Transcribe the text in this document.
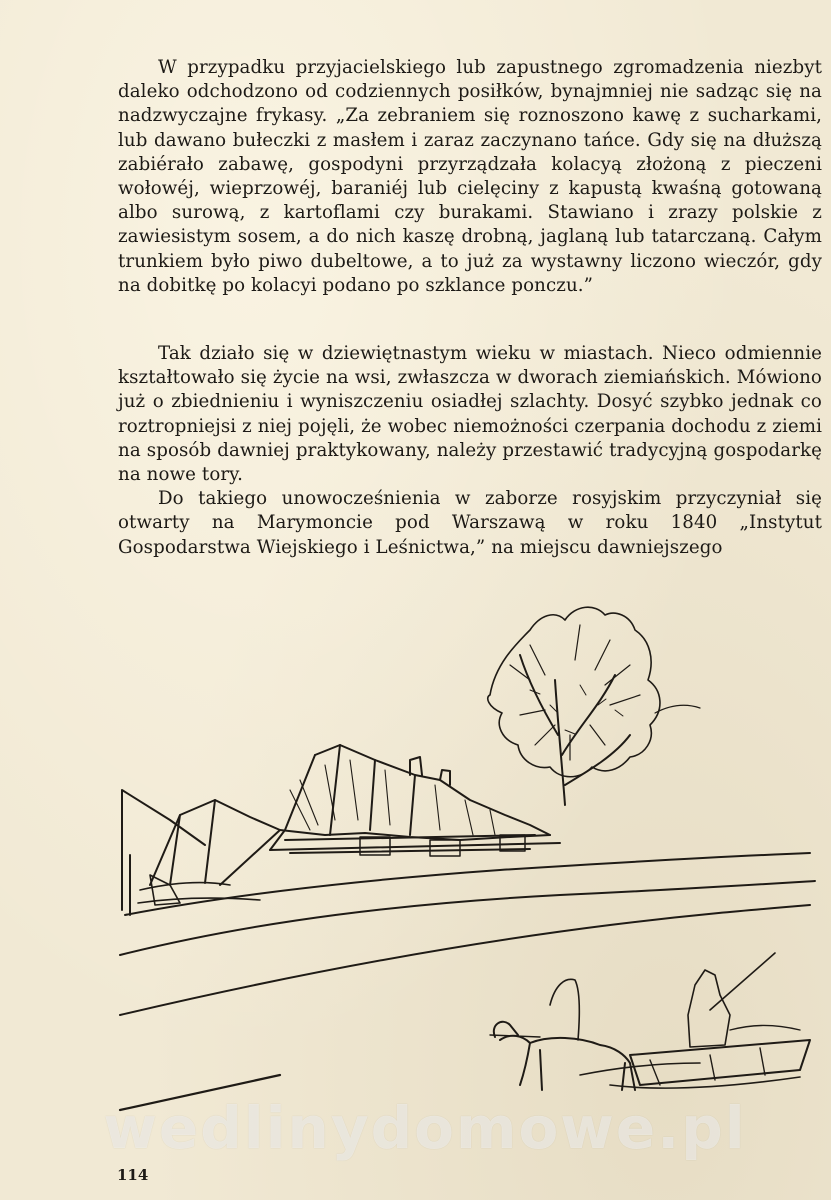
W przypadku przyjacielskiego lub zapustnego zgromadzenia niezbyt daleko odchodzono od codziennych posiłków, bynajmniej nie sadząc się na nadzwyczajne frykasy. „Za zebraniem się roznoszono kawę z sucharkami, lub dawano bułeczki z masłem i zaraz zaczynano tańce. Gdy się na dłuższą zabiérało zabawę, gospodyni przyrządzała kolacyą złożoną z pieczeni wołowéj, wieprzowéj, baraniéj lub cielęciny z kapustą kwaśną gotowaną albo surową, z kartoflami czy burakami. Stawiano i zrazy polskie z zawiesistym sosem, a do nich kaszę drobną, jaglaną lub tatarczaną. Całym trunkiem było piwo dubeltowe, a to już za wystawny liczono wieczór, gdy na dobitkę po kolacyi podano po szklance ponczu.”

Tak działo się w dziewiętnastym wieku w miastach. Nieco odmiennie kształtowało się życie na wsi, zwłaszcza w dworach ziemiańskich. Mówiono już o zbiednieniu i wyniszczeniu osiadłej szlachty. Dosyć szybko jednak co roztropniejsi z niej pojęli, że wobec niemożności czerpania dochodu z ziemi na sposób dawniej praktykowany, należy przestawić tradycyjną gospodarkę na nowe tory.

Do takiego unowocześnienia w zaborze rosyjskim przyczyniał się otwarty na Marymoncie pod Warszawą w roku 1840 „Instytut Gospodarstwa Wiejskiego i Leśnictwa,” na miejscu dawniejszego

wedlinydomowe.pl
114
